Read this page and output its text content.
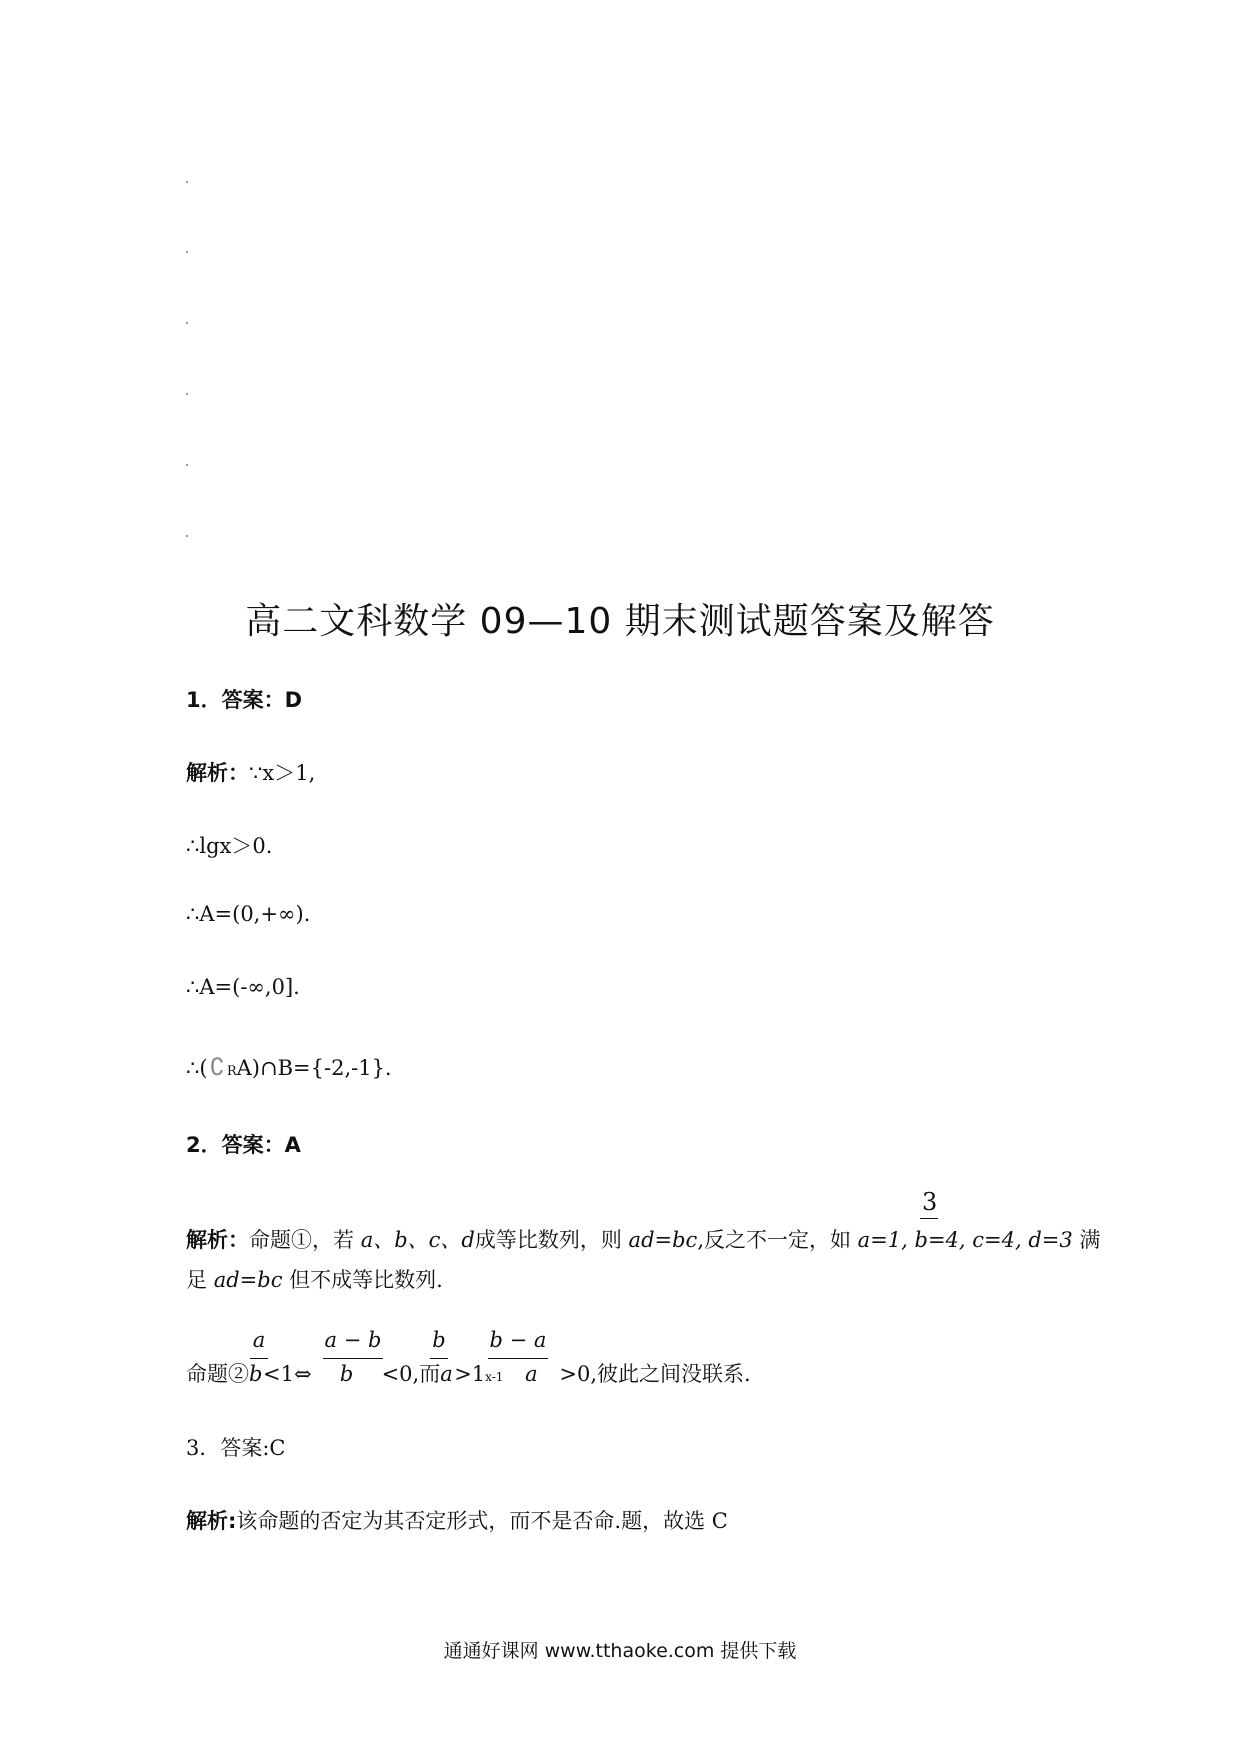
高二文科数学 09—10 期末测试题答案及解答
1．答案：D
解析：∵x＞1,
∴lgx＞0.
∴A=(0,+∞).
∴A=(-∞,0].
∴(∁ RA)∩B={-2,-1}.
2．答案：A
3
解析：命题①，若 a、b、c、d成等比数列，则 ad=bc,反之不一定，如 a=1, b=4, c=4, d=3 满
足 ad=bc 但不成等比数列.
a	a − b b b − a
命题②b<1⇔ b <0,而a>1x-1 a >0,彼此之间没联系.
3．答案:C
解析:该命题的否定为其否定形式，而不是否命.题，故选 C
通通好课网 www.tthaoke.com 提供下载
